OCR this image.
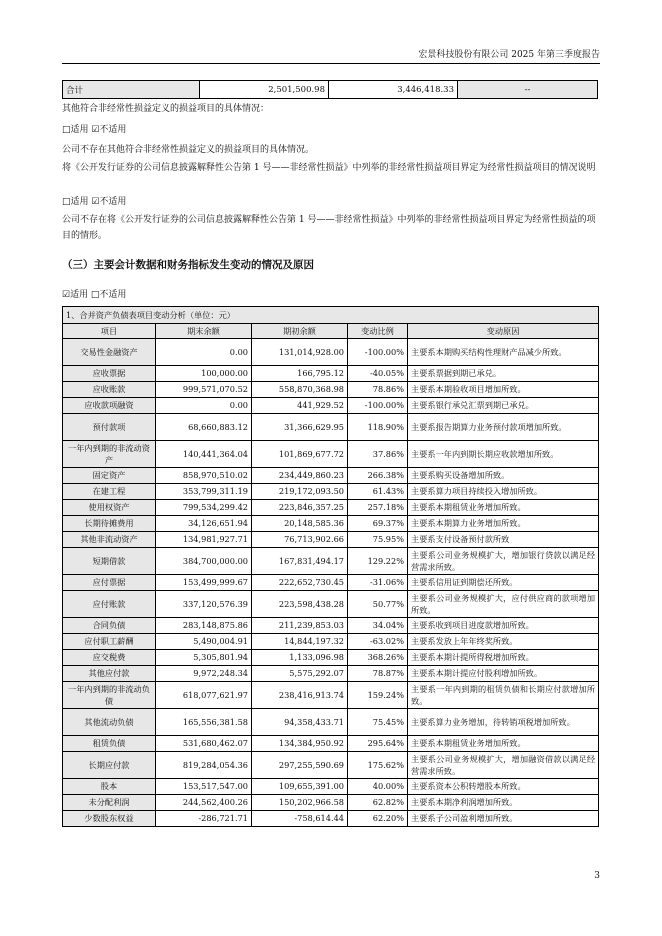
宏景科技股份有限公司 2025 年第三季度报告
合计	2,501,500.98	3,446,418.33	--
其他符合非经常性损益定义的损益项目的具体情况：
□适用 ☑不适用
公司不存在其他符合非经常性损益定义的损益项目的具体情况。
将《公开发行证券的公司信息披露解释性公告第 1 号——非经常性损益》中列举的非经常性损益项目界定为经常性损益项目的情况说明
□适用 ☑不适用
公司不存在将《公开发行证券的公司信息披露解释性公告第 1 号——非经常性损益》中列举的非经常性损益项目界定为经常性损益的项目的情形。
（三）主要会计数据和财务指标发生变动的情况及原因
☑适用 □不适用
1、合并资产负债表项目变动分析（单位：元）				
项目	期末余额	期初余额	变动比例	变动原因
交易性金融资产	0.00	131,014,928.00	-100.00%	主要系本期购买结构性理财产品减少所致。
应收票据	100,000.00	166,795.12	-40.05%	主要系票据到期已承兑。
应收账款	999,571,070.52	558,870,368.98	78.86%	主要系本期验收项目增加所致。
应收款项融资	0.00	441,929.52	-100.00%	主要系银行承兑汇票到期已承兑。
预付款项	68,660,883.12	31,366,629.95	118.90%	主要系报告期算力业务预付款项增加所致。
一年内到期的非流动资产	140,441,364.04	101,869,677.72	37.86%	主要系一年内到期长期应收款增加所致。
固定资产	858,970,510.02	234,449,860.23	266.38%	主要系购买设备增加所致。
在建工程	353,799,311.19	219,172,093.50	61.43%	主要系算力项目持续投入增加所致。
使用权资产	799,534,299.42	223,846,357.25	257.18%	主要系本期租赁业务增加所致。
长期待摊费用	34,126,651.94	20,148,585.36	69.37%	主要系本期算力业务增加所致。
其他非流动资产	134,981,927.71	76,713,902.66	75.95%	主要系支付设备预付款所致
短期借款	384,700,000.00	167,831,494.17	129.22%	主要系公司业务规模扩大，增加银行贷款以满足经营需求所致。
应付票据	153,499,999.67	222,652,730.45	-31.06%	主要系信用证到期偿还所致。
应付账款	337,120,576.39	223,598,438.28	50.77%	主要系公司业务规模扩大，应付供应商的款项增加所致。
合同负债	283,148,875.86	211,239,853.03	34.04%	主要系收到项目进度款增加所致。
应付职工薪酬	5,490,004.91	14,844,197.32	-63.02%	主要系发放上年年终奖所致。
应交税费	5,305,801.94	1,133,096.98	368.26%	主要系本期计提所得税增加所致。
其他应付款	9,972,248.34	5,575,292.07	78.87%	主要系本期计提应付股利增加所致。
一年内到期的非流动负债	618,077,621.97	238,416,913.74	159.24%	主要系一年内到期的租赁负债和长期应付款增加所致。
其他流动负债	165,556,381.58	94,358,433.71	75.45%	主要系算力业务增加，待转销项税增加所致。
租赁负债	531,680,462.07	134,384,950.92	295.64%	主要系本期租赁业务增加所致。
长期应付款	819,284,054.36	297,255,590.69	175.62%	主要系公司业务规模扩大，增加融资借款以满足经营需求所致。
股本	153,517,547.00	109,655,391.00	40.00%	主要系资本公积转增股本所致。
未分配利润	244,562,400.26	150,202,966.58	62.82%	主要系本期净利润增加所致。
少数股东权益	-286,721.71	-758,614.44	62.20%	主要系子公司盈利增加所致。
3
